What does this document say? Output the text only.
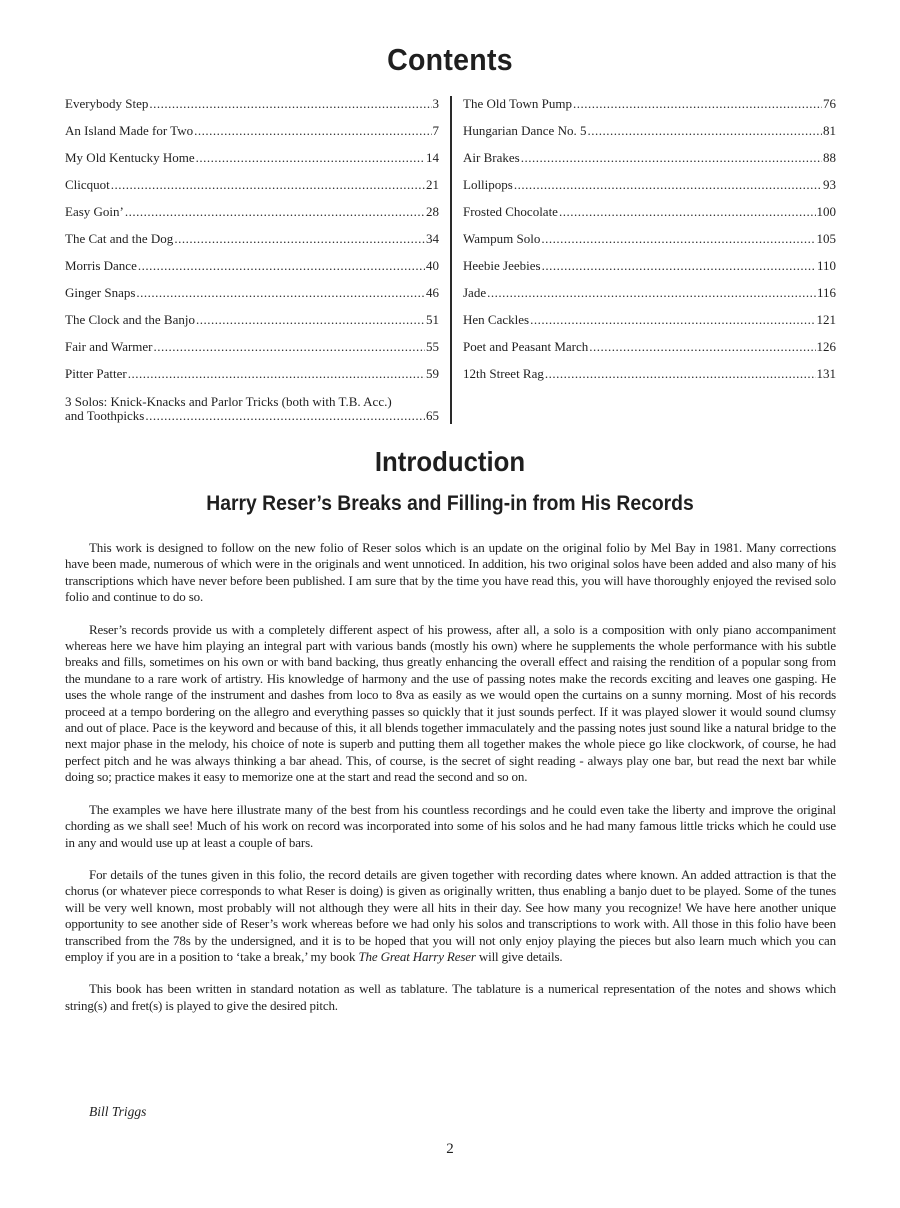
Contents
Everybody Step .....	3
An Island Made for Two .....	7
My Old Kentucky Home .....	14
Clicquot .....	21
Easy Goin’ .....	28
The Cat and the Dog .....	34
Morris Dance .....	40
Ginger Snaps .....	46
The Clock and the Banjo .....	51
Fair and Warmer .....	55
Pitter Patter .....	59
3 Solos: Knick-Knacks and Parlor Tricks (both with T.B. Acc.)
and Toothpicks .....	65
The Old Town Pump .....	76
Hungarian Dance No. 5 .....	81
Air Brakes .....	88
Lollipops .....	93
Frosted Chocolate .....	100
Wampum Solo .....	105
Heebie Jeebies .....	110
Jade .....	116
Hen Cackles .....	121
Poet and Peasant March .....	126
12th Street Rag .....	131
Introduction
Harry Reser’s Breaks and Filling-in from His Records

This work is designed to follow on the new folio of Reser solos which is an update on the original folio by Mel Bay in 1981. Many corrections have been made, numerous of which were in the originals and went unnoticed. In addition, his two original solos have been added and also many of his transcriptions which have never before been published. I am sure that by the time you have read this, you will have thoroughly enjoyed the revised solo folio and continue to do so.

Reser’s records provide us with a completely different aspect of his prowess, after all, a solo is a composition with only piano accompaniment whereas here we have him playing an integral part with various bands (mostly his own) where he supplements the whole performance with his subtle breaks and fills, sometimes on his own or with band backing, thus greatly enhancing the overall effect and raising the rendition of a popular song from the mundane to a rare work of artistry. His knowledge of harmony and the use of passing notes make the records exciting and leaves one gasping. He uses the whole range of the instrument and dashes from loco to 8va as easily as we would open the curtains on a sunny morning. Most of his records proceed at a tempo bordering on the allegro and everything passes so quickly that it just sounds perfect. If it was played slower it would sound clumsy and out of place. Pace is the keyword and because of this, it all blends together immaculately and the passing notes just sound like a natural bridge to the next major phase in the melody, his choice of note is superb and putting them all together makes the whole piece go like clockwork, of course, he had perfect pitch and he was always thinking a bar ahead. This, of course, is the secret of sight reading - always play one bar, but read the next bar while doing so; practice makes it easy to memorize one at the start and read the second and so on.

The examples we have here illustrate many of the best from his countless recordings and he could even take the liberty and improve the original chording as we shall see! Much of his work on record was incorporated into some of his solos and he had many famous little tricks which he could use in any and would use up at least a couple of bars.

For details of the tunes given in this folio, the record details are given together with recording dates where known. An added attraction is that the chorus (or whatever piece corresponds to what Reser is doing) is given as originally written, thus enabling a banjo duet to be played. Some of the tunes will be very well known, most probably will not although they were all hits in their day. See how many you recognize! We have here another unique opportunity to see another side of Reser’s work whereas before we had only his solos and transcriptions to work with. All those in this folio have been transcribed from the 78s by the undersigned, and it is to be hoped that you will not only enjoy playing the pieces but also learn much which you can employ if you are in a position to ‘take a break,’ my book The Great Harry Reser will give details.

This book has been written in standard notation as well as tablature. The tablature is a numerical representation of the notes and shows which string(s) and fret(s) is played to give the desired pitch.

Bill Triggs
2
